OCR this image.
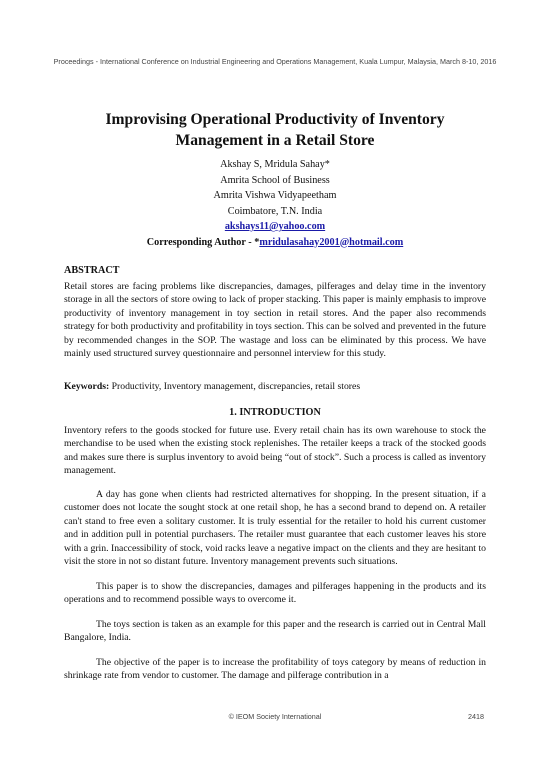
Proceedings - International Conference on Industrial Engineering and Operations Management, Kuala Lumpur, Malaysia, March 8-10, 2016
Improvising Operational Productivity of Inventory
Management in a Retail Store
Akshay S, Mridula Sahay*
Amrita School of Business
Amrita Vishwa Vidyapeetham
Coimbatore, T.N. India
akshays11@yahoo.com
Corresponding Author - *mridulasahay2001@hotmail.com
ABSTRACT
Retail stores are facing problems like discrepancies, damages, pilferages and delay time in the inventory storage in all the sectors of store owing to lack of proper stacking. This paper is mainly emphasis to improve productivity of inventory management in toy section in retail stores. And the paper also recommends strategy for both productivity and profitability in toys section. This can be solved and prevented in the future by recommended changes in the SOP. The wastage and loss can be eliminated by this process. We have mainly used structured survey questionnaire and personnel interview for this study.
Keywords: Productivity, Inventory management, discrepancies, retail stores
1. INTRODUCTION
Inventory refers to the goods stocked for future use. Every retail chain has its own warehouse to stock the merchandise to be used when the existing stock replenishes. The retailer keeps a track of the stocked goods and makes sure there is surplus inventory to avoid being “out of stock”. Such a process is called as inventory management.
A day has gone when clients had restricted alternatives for shopping. In the present situation, if a customer does not locate the sought stock at one retail shop, he has a second brand to depend on. A retailer can't stand to free even a solitary customer. It is truly essential for the retailer to hold his current customer and in addition pull in potential purchasers. The retailer must guarantee that each customer leaves his store with a grin. Inaccessibility of stock, void racks leave a negative impact on the clients and they are hesitant to visit the store in not so distant future. Inventory management prevents such situations.
This paper is to show the discrepancies, damages and pilferages happening in the products and its operations and to recommend possible ways to overcome it.
The toys section is taken as an example for this paper and the research is carried out in Central Mall Bangalore, India.
The objective of the paper is to increase the profitability of toys category by means of reduction in shrinkage rate from vendor to customer. The damage and pilferage contribution in a
© IEOM Society International	2418
